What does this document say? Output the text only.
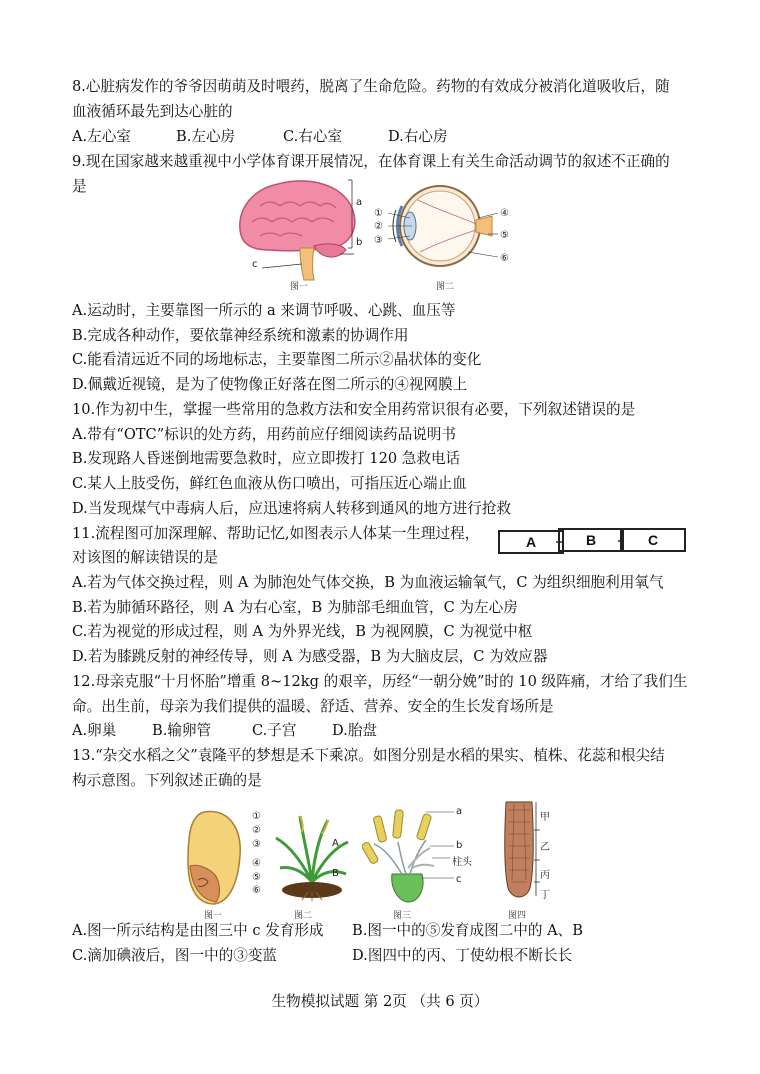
8.心脏病发作的爷爷因萌萌及时喂药，脱离了生命危险。药物的有效成分被消化道吸收后，随
血液循环最先到达心脏的
A.左心室	B.左心房	C.右心室	D.右心房
9.现在国家越来越重视中小学体育课开展情况，在体育课上有关生命活动调节的叙述不正确的
是
a
b
c
图一
①
②
③
④
⑤
⑥
图二
A.运动时，主要靠图一所示的 a 来调节呼吸、心跳、血压等
B.完成各种动作，要依靠神经系统和激素的协调作用
C.能看清远近不同的场地标志，主要靠图二所示②晶状体的变化
D.佩戴近视镜，是为了使物像正好落在图二所示的④视网膜上
10.作为初中生，掌握一些常用的急救方法和安全用药常识很有必要，下列叙述错误的是
A.带有“OTC”标识的处方药，用药前应仔细阅读药品说明书
B.发现路人昏迷倒地需要急救时，应立即拨打 120 急救电话
C.某人上肢受伤，鲜红色血液从伤口喷出，可指压近心端止血
D.当发现煤气中毒病人后，应迅速将病人转移到通风的地方进行抢救
11.流程图可加深理解、帮助记忆,如图表示人体某一生理过程，
对该图的解读错误的是
A	B	C
A.若为气体交换过程，则 A 为肺泡处气体交换，B 为血液运输氧气，C 为组织细胞利用氧气
B.若为肺循环路径，则 A 为右心室，B 为肺部毛细血管，C 为左心房
C.若为视觉的形成过程，则 A 为外界光线，B 为视网膜，C 为视觉中枢
D.若为膝跳反射的神经传导，则 A 为感受器，B 为大脑皮层，C 为效应器
12.母亲克服“十月怀胎”增重 8~12kg 的艰辛，历经“一朝分娩”时的 10 级阵痛，才给了我们生
命。出生前，母亲为我们提供的温暖、舒适、营养、安全的生长发育场所是
A.卵巢 B.输卵管	C.子宫 D.胎盘
13.“杂交水稻之父”袁隆平的梦想是禾下乘凉。如图分别是水稻的果实、植株、花蕊和根尖结
构示意图。下列叙述正确的是
①
②
③
④
⑤
⑥
图一
A
B
图二
a
b
柱头
c
图三
甲
乙
丙
丁
图四
A.图一所示结构是由图三中 c 发育形成 B.图一中的⑤发育成图二中的 A、B
C.滴加碘液后，图一中的③变蓝	D.图四中的丙、丁使幼根不断长长
生物模拟试题 第 2页 （共 6 页）
